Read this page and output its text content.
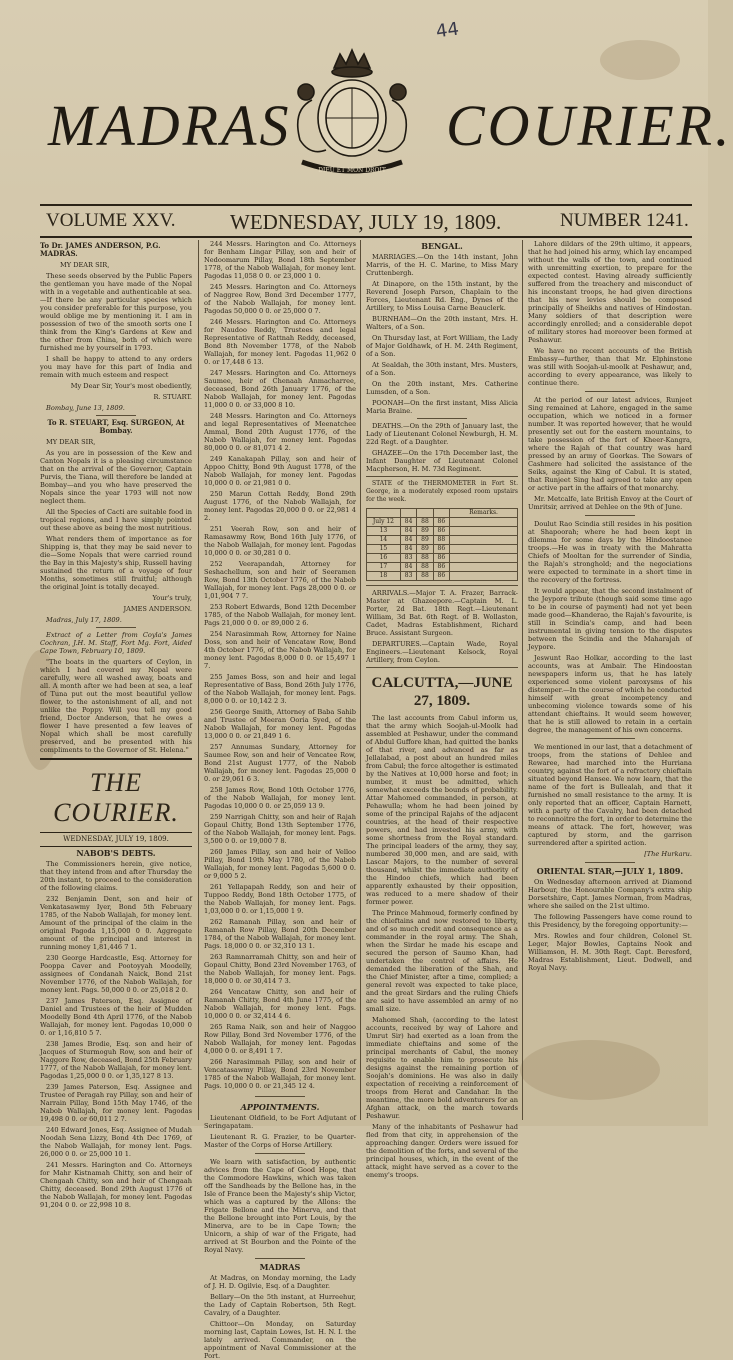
44
MADRAS
DIEU ET MON DROIT
COURIER.
VOLUME XXV.	WEDNESDAY, JULY 19, 1809.	NUMBER 1241.
To Dr. JAMES ANDERSON, P.G. MADRAS.
MY DEAR SIR,
These seeds observed by the Public Papers the gentleman you have made of the Nopal with in a vegetable and authenticable at sea.—If there be any particular species which you consider preferable for this purpose, you would oblige me by mentioning it. I am in possession of two of the smooth sorts one I think from the King's Gardens at Kew and the other from China, both of which were furnished me by yourself in 1793.
I shall be happy to attend to any orders you may have for this part of India and remain with much esteem and respect
My Dear Sir, Your's most obediently,
R. STUART.
Bombay, June 13, 1809.
To R. STEUART, Esq. SURGEON, At Bombay.
MY DEAR SIR,
As you are in possession of the Kew and Canton Nopals it is a pleasing circumstance that on the arrival of the Governor, Captain Purvis, the Tiana, will therefore be landed at Bombay—and you who have preserved the Nopals since the year 1793 will not now neglect them.
All the Species of Cacti are suitable food in tropical regions, and I have simply pointed out these above as being the most nutritious.
What renders them of importance as for Shipping is, that they may be said never to die—Some Nopals that were carried round the Bay in this Majesty's ship, Russell having sustained the return of a voyage of four Months, sometimes still fruitful; although the original Joint is totally decayed.
Your's truly,
JAMES ANDERSON.
Madras, July 17, 1809.
Extract of a Letter from Coyla's James Cochran, J.H. M. Staff, Fort Mg. Fort, Aided Cape Town, February 10, 1809.
"The boats in the quarters of Ceylon, in which I had covered my Nopal were carefully, were all washed away, boats and all. A month after we had been at sea, a leaf of Tuna put out the most beautiful yellow flower, to the astonishment of all, and not unlike the Poppy. Will you tell my good friend, Doctor Anderson, that he owes a flower I have presented a few leaves of Nopal which shall be most carefully preserved, and be presented with his compliments to the Governor of St. Helena."
THE COURIER.
WEDNESDAY, JULY 19, 1809.
NABOB'S DEBTS.
The Commissioners herein, give notice, that they intend from and after Thursday the 20th instant, to proceed to the consideration of the following claims.
232 Benjamin Dent, son and heir of Venkatasawmy Iyer, Bond 5th February 1785, of the Nabob Wallajah, for money lent. Amount of the principal of the claim in the original Pagoda 1,15,000 0 0. Aggregate amount of the principal and interest in running money 1,81,446 7 1.
230 George Hardcastle, Esq. Attorney for Pooppa Caver and Pootoyyah Moodelly, assignees of Condanah Naick, Bond 21st November 1776, of the Nabob Wallajah, for money lent. Pags. 50,000 0 0. or 25,018 2 0.
237 James Paterson, Esq. Assignee of Daniel and Trustees of the heir of Mudden Moodelly Bond 4th April 1776, of the Nabob Wallajah, for money lent. Pagodas 10,000 0 0. or 1,16,810 5 7.
238 James Brodie, Esq. son and heir of Jacques of Sturmoguh Row, son and heir of Naggore Row, deceased, Bond 25th February 1777, of the Nabob Wallajah, for money lent. Pagodas 1,25,000 0 0. or 1,35,127 8 13.
239 James Paterson, Esq. Assignee and Trustee of Peragah ray Pillay, son and heir of Narrain Pillay, Bond 15th May 1746, of the Nabob Wallajah, for money lent. Pagodas 19,498 0 0. or 60,011 2 7.
240 Edward Jones, Esq. Assignee of Mudah Noodah Sena Lizzy, Bond 4th Dec 1769, of the Nabob Wallajah, for money lent. Pags. 26,000 0 0. or 25,000 10 1.
241 Messrs. Harington and Co. Attorneys for Mahr Kistnamah Chitty, son and heir of Chengaah Chitty, son and heir of Chengaah Chitty, deceased. Bond 29th August 1776 of the Nabob Wallajah, for money lent. Pagodas 91,204 0 0. or 22,998 10 8.
244 Messrs. Harington and Co. Attorneys for Benham Lingar Pillay, son and heir of Nedoomarum Pillay, Bond 18th September 1778, of the Nabob Wallajah, for money lent. Pagodas 11,058 0 0. or 23,000 1 0.
245 Messrs. Harington and Co. Attorneys of Naggree Row, Bond 3rd December 1777, of the Nabob Wallajah, for money lent. Pagodas 50,000 0 0. or 25,000 0 7.
246 Messrs. Harington and Co. Attorneys for Naudoo Reddy, Trustees and legal Representative of Rattnah Reddy, deceased, Bond 8th November 1778, of the Nabob Wallajah, for money lent. Pagodas 11,962 0 0. or 17,448 6 13.
247 Messrs. Harington and Co. Attorneys Saumee, heir of Chenaah Anmacharree, deceased, Bond 26th January 1776, of the Nabob Wallajah, for money lent. Pagodas 11,000 0 0. or 33,000 8 10.
248 Messrs. Harington and Co. Attorneys and legal Representatives of Meenatchee Ammal, Bond 20th August 1776, of the Nabob Wallajah, for money lent. Pagodas 80,000 0 0. or 81,071 4 2.
249 Kanakapah Pillay, son and heir of Appoo Chitty, Bond 9th August 1778, of the Nabob Wallajah, for money lent. Pagodas 10,000 0 0. or 21,981 0 0.
250 Marun Cottah Reddy, Bond 29th August 1776, of the Nabob Wallajah, for money lent. Pagodas 20,000 0 0. or 22,981 4 2.
251 Veerah Row, son and heir of Ramasawmy Row, Bond 16th July 1776, of the Nabob Wallajah, for money lent. Pagodas 10,000 0 0. or 30,281 0 0.
252 Veerapandah, Attorney for Seshachellum, son and heir of Seeramen Row, Bond 13th October 1776, of the Nabob Wallajah, for money lent. Pags 28,000 0 0. or 1,01,904 7 7.
253 Robert Edwards, Bond 12th December 1785, of the Nabob Wallajah, for money lent. Pags 21,000 0 0. or 89,000 2 6.
254 Narasimmah Row, Attorney for Naine Doss, son and heir of Vencataw Row, Bond 4th October 1776, of the Nabob Wallajah, for money lent. Pagodas 8,000 0 0. or 15,497 1 7.
255 James Boss, son and heir and legal Representative of Bass, Bond 26th July 1776, of the Nabob Wallajah, for money lent. Pags. 8,000 0 0. or 10,142 2 3.
256 George Smith, Attorney of Baba Sahib and Trustee of Meeran Ooria Syed, of the Nabob Wallajah, for money lent. Pagodas 13,000 0 0. or 21,849 1 6.
257 Annumas Sundary, Attorney for Saumee Row, son and heir of Vencatee Row, Bond 21st August 1777, of the Nabob Wallajah, for money lent. Pagodas 25,000 0 0. or 29,061 6 3.
258 James Row, Bond 10th October 1776, of the Nabob Wallajah, for money lent. Pagodas 10,000 0 0. or 25,059 13 9.
259 Narrigah Chitty, son and heir of Rajah Gopaul Chitty, Bond 13th September 1776, of the Nabob Wallajah, for money lent. Pags. 3,500 0 0. or 19,000 7 8.
260 James Pillay, son and heir of Velloo Pillay, Bond 19th May 1780, of the Nabob Wallajah, for money lent. Pagodas 5,600 0 0. or 9,000 5 2.
261 Yellapapah Reddy, son and heir of Tuppoo Reddy, Bond 18th October 1775, of the Nabob Wallajah, for money lent. Pags. 1,03,000 0 0. or 1,15,000 1 9.
262 Ramanah Pillay, son and heir of Ramanah Row Pillay, Bond 20th December 1784, of the Nabob Wallajah, for money lent. Pags. 18,000 0 0. or 32,310 13 1.
263 Ramnarramah Chitty, son and heir of Gopaul Chitty, Bond 23rd November 1763, of the Nabob Wallajah, for money lent. Pags. 18,000 0 0. or 30,414 7 3.
264 Vencataw Chitty, son and heir of Ramanah Chitty, Bond 4th June 1775, of the Nabob Wallajah, for money lent. Pags. 10,000 0 0. or 32,414 4 6.
265 Rama Naik, son and heir of Naggoo Row Pillay, Bond 3rd November 1776, of the Nabob Wallajah, for money lent. Pagodas 4,000 0 0. or 8,491 1 7.
266 Narasimmah Pillay, son and heir of Vencatasawmy Pillay, Bond 23rd November 1785 of the Nabob Wallajah, for money lent. Pags. 10,000 0 0. or 21,345 12 4.
APPOINTMENTS.
Lieutenant Oldfield, to be Fort Adjutant of Seringapatam.
Lieutenant R. G. Frazier, to be Quarter-Master of the Corps of Horse Artillery.
We learn with satisfaction, by authentic advices from the Cape of Good Hope, that the Commodore Hawkins, which was taken off the Sandheads by the Bellone has, in the Isle of France been the Majesty's ship Victor, which was a captured by the Allons: the Frigate Bellone and the Minerva, and that the Bellone brought into Port Louis, by the Minerva, are to be in Cape Town; the Unicorn, a ship of war of the Frigate, had arrived at St Bourbon and the Pointe of the Royal Navy.
MADRAS
At Madras, on Monday morning, the Lady of J. H. D. Ogilvie, Esq. of a Daughter.
Bellary—On the 5th instant, at Hurreehur, the Lady of Captain Robertson, 5th Regt. Cavalry, of a Daughter.
Chittoor—On Monday, on Saturday morning last, Captain Lowes, Ist. H. N. I. the lately arrived. Commander, on the appointment of Naval Commissioner at the Port.
BENGAL.
MARRIAGES.—On the 14th instant, John Marris, of the H. C. Marine, to Miss Mary Cruttenbergh.
At Dinapore, on the 15th instant, by the Reverend Joseph Parson, Chaplain to the Forces, Lieutenant Rd. Eng., Dynes of the Artillery, to Miss Louisa Carne Beauclerk.
BURNHAM—On the 20th instant, Mrs. H. Walters, of a Son.
On Thursday last, at Fort William, the Lady of Major Goldhawk, of H. M. 24th Regiment, of a Son.
At Sealdah, the 30th instant, Mrs. Musters, of a Son.
On the 20th instant, Mrs. Catherine Lumsden, of a Son.
POONAH—On the first instant, Miss Alicia Maria Braine.
DEATHS.—On the 29th of January last, the Lady of Lieutenant Colonel Newburgh, H. M. 22d Regt. of a Daughter.
GHAZEE—On the 17th December last, the Infant Daughter of Lieutenant Colonel Macpherson, H. M. 73d Regiment.
STATE of the THERMOMETER in Fort St. George, in a moderately exposed room upstairs for the week.
				Remarks.
July 12	84	88	86	
13	84	89	86	
14	84	89	88	
15	84	89	86	
16	83	88	86	
17	84	88	86	
18	83	88	86	
ARRIVALS.—Major T. A. Frazer, Barrack-Master at Ghazeepore.—Captain M. L. Porter, 2d Bat. 18th Regt.—Lieutenant William, 3d Bat. 6th Regt. of B. Wollaston, Cadet, Madras Establishment, Richard Bruce. Assistant Surgeon.
DEPARTURES.—Captain Wade, Royal Engineers.—Lieutenant Kelsock, Royal Artillery, from Ceylon.
CALCUTTA,—JUNE 27, 1809.
The last accounts from Cabul inform us, that the army which Soojah-ul-Moolk had assembled at Peshawur, under the command of Abdul Guffore khan, had quitted the banks of that river, and advanced as far as Jellalabad, a post about an hundred miles from Cabul; the force altogether is estimated by the Natives at 10,000 horse and foot; in number, it must be admitted, which somewhat exceeds the bounds of probability. Attar Mahomed commanded, in person, at Pehawulla; whom he had been joined by some of the principal Rajahs of the adjacent countries, at the head of their respective powers, and had invested his army, with some shortness from the Royal standard. The principal leaders of the army, they say, numbered 30,000 men, and are said, with Lascar Majors, to the number of several thousand, whilst the immediate authority of the Hindoo chiefs, which had been apparently exhausted by their opposition, was reduced to a mere shadow of their former power.
The Prince Mahmoud, formerly confined by the chieftains and now restored to liberty, and of so much credit and consequence as a commander in the royal army. The Shah, when the Sirdar he made his escape and secured the person of Saumo Khan, had undertaken the control of affairs. He demanded the liberation of the Shah, and the Chief Minister, after a time, complied; a general revolt was expected to take place, and the great Sirdars and the ruling Chiefs are said to have assembled an army of no small size.
Mahomed Shah, (according to the latest accounts, received by way of Lahore and Umrut Sir) had exerted as a loan from the immediate chieftains and some of the principal merchants of Cabul, the money requisite to enable him to prosecute his designs against the remaining portion of Soojah's dominions. He was also in daily expectation of receiving a reinforcement of troops from Herat and Candahar. In the meantime, the more bold adventurers for an Afghan attack, on the march towards Peshawur.
Many of the inhabitants of Peshawur had fled from that city, in apprehension of the approaching danger. Orders were issued for the demolition of the forts, and several of the principal houses, which, in the event of the attack, might have served as a cover to the enemy's troops.
Lahore dildars of the 29th ultimo, it appears, that he had joined his army, which lay encamped without the walls of the town, and continued with unremitting exertion, to prepare for the expected contest. Having already sufficiently suffered from the treachery and misconduct of his inconstant troops, he had given directions that his new levies should be composed principally of Sheikhs and natives of Hindostan. Many soldiers of that description were accordingly enrolled; and a considerable depot of military stores had moreover been formed at Peshawur.
We have no recent accounts of the British Embassy—further, than that Mr. Elphinstone was still with Soojah-ul-moolk at Peshawur, and, according to every appearance, was likely to continue there.
At the period of our latest advices, Runjeet Sing remained at Lahore, engaged in the same occupation, which we noticed in a former number. It was reported however, that he would presently set out for the eastern mountains, to take possession of the fort of Kheer-Kangra, where the Rajah of that country was hard pressed by an army of Goorkas. The Sowars of Cashmere had solicited the assistance of the Seiks, against the King of Cabul. It is stated, that Runjeet Sing had agreed to take any open or active part in the affairs of that monarchy.
Mr. Metcalfe, late British Envoy at the Court of Umritsir, arrived at Dehlee on the 9th of June.
Doulut Rao Scindia still resides in his position at Shapoorah; where he had been kept in dilemma for some days by the Hindoostanee troops.—He was in treaty with the Mahratta Chiefs of Mooltan for the surrender of Sindia, the Rajah's stronghold; and the negociations were expected to terminate in a short time in the recovery of the fortress.
It would appear, that the second instalment of the Jeypore tribute (though said some time ago to be in course of payment) had not yet been made good—Khanderao, the Rajah's favourite, is still in Scindia's camp, and had been instrumental in giving tension to the disputes between the Scindia and the Maharajah of Jeypore.
Jeswunt Rao Holkar, according to the last accounts, was at Ambair. The Hindoostan newspapers inform us, that he has lately experienced some violent paroxysms of his distemper.—In the course of which he conducted himself with great incompetency and unbecoming violence towards some of his attendant chieftains. It would seem however, that he is still allowed to retain in a certain degree, the management of his own concerns.
We mentioned in our last, that a detachment of troops, from the stations of Dehlee and Rewaree, had marched into the Hurriana country, against the fort of a refractory chieftain situated beyond Hansee. We now learn, that the name of the fort is Bullealah, and that it furnished no small resistance to the army. It is only reported that an officer, Captain Harnett, with a party of the Cavalry, had been detached to reconnoitre the fort, in order to determine the means of attack. The fort, however, was captured by storm, and the garrison surrendered after a spirited action.
[The Hurkaru.
ORIENTAL STAR,—JULY 1, 1809.
On Wednesday afternoon arrived at Diamond Harbour, the Honourable Company's extra ship Dorsetshire, Capt. James Norman, from Madras, where she sailed on the 21st ultimo.
The following Passengers have come round to this Presidency, by the foregoing opportunity:—
Mrs. Rowles and four children, Colonel St. Leger, Major Bowles, Captains Nook and Williamson, H. M. 30th Regt. Capt. Beresford, Madras Establishment, Lieut. Dodwell, and Royal Navy.
